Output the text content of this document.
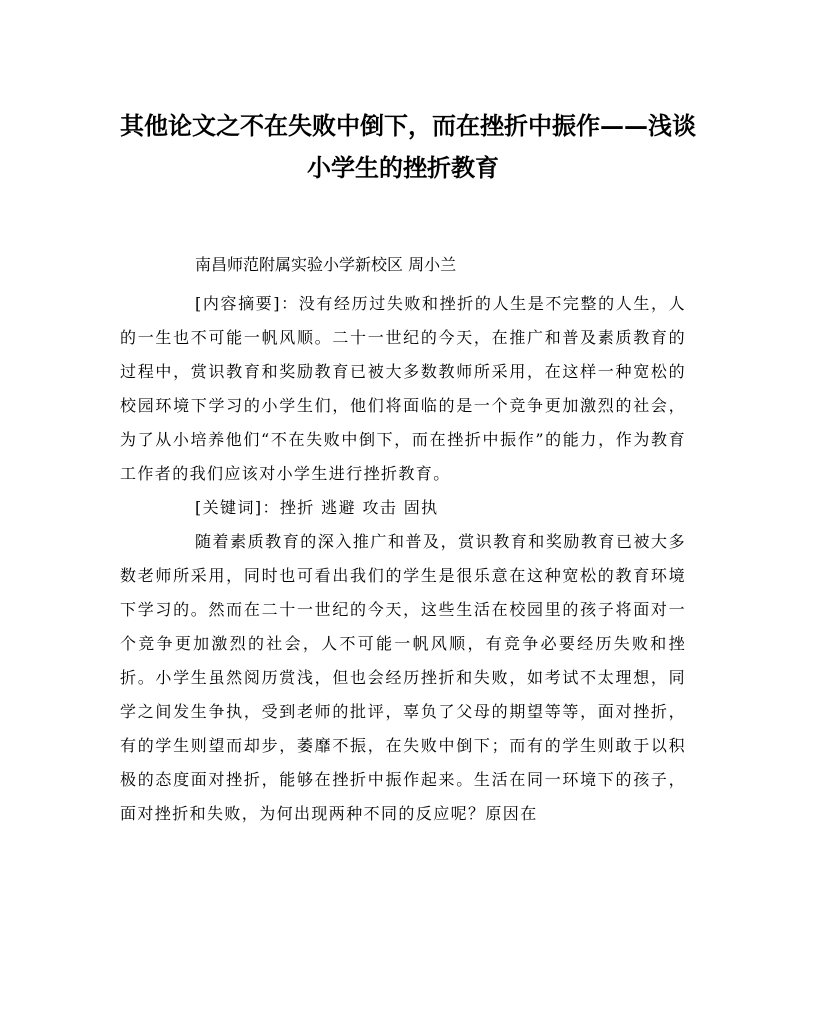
其他论文之不在失败中倒下，而在挫折中振作——浅谈
小学生的挫折教育

南昌师范附属实验小学新校区 周小兰

[内容摘要]：没有经历过失败和挫折的人生是不完整的人生，人的一生也不可能一帆风顺。二十一世纪的今天，在推广和普及素质教育的过程中，赏识教育和奖励教育已被大多数教师所采用，在这样一种宽松的校园环境下学习的小学生们，他们将面临的是一个竞争更加激烈的社会，为了从小培养他们“不在失败中倒下，而在挫折中振作”的能力，作为教育工作者的我们应该对小学生进行挫折教育。

[关键词]：挫折 逃避 攻击 固执

随着素质教育的深入推广和普及，赏识教育和奖励教育已被大多数老师所采用，同时也可看出我们的学生是很乐意在这种宽松的教育环境下学习的。然而在二十一世纪的今天，这些生活在校园里的孩子将面对一个竞争更加激烈的社会，人不可能一帆风顺，有竞争必要经历失败和挫折。小学生虽然阅历赏浅，但也会经历挫折和失败，如考试不太理想，同学之间发生争执，受到老师的批评，辜负了父母的期望等等，面对挫折，有的学生则望而却步，萎靡不振，在失败中倒下；而有的学生则敢于以积极的态度面对挫折，能够在挫折中振作起来。生活在同一环境下的孩子，面对挫折和失败，为何出现两种不同的反应呢？原因在
